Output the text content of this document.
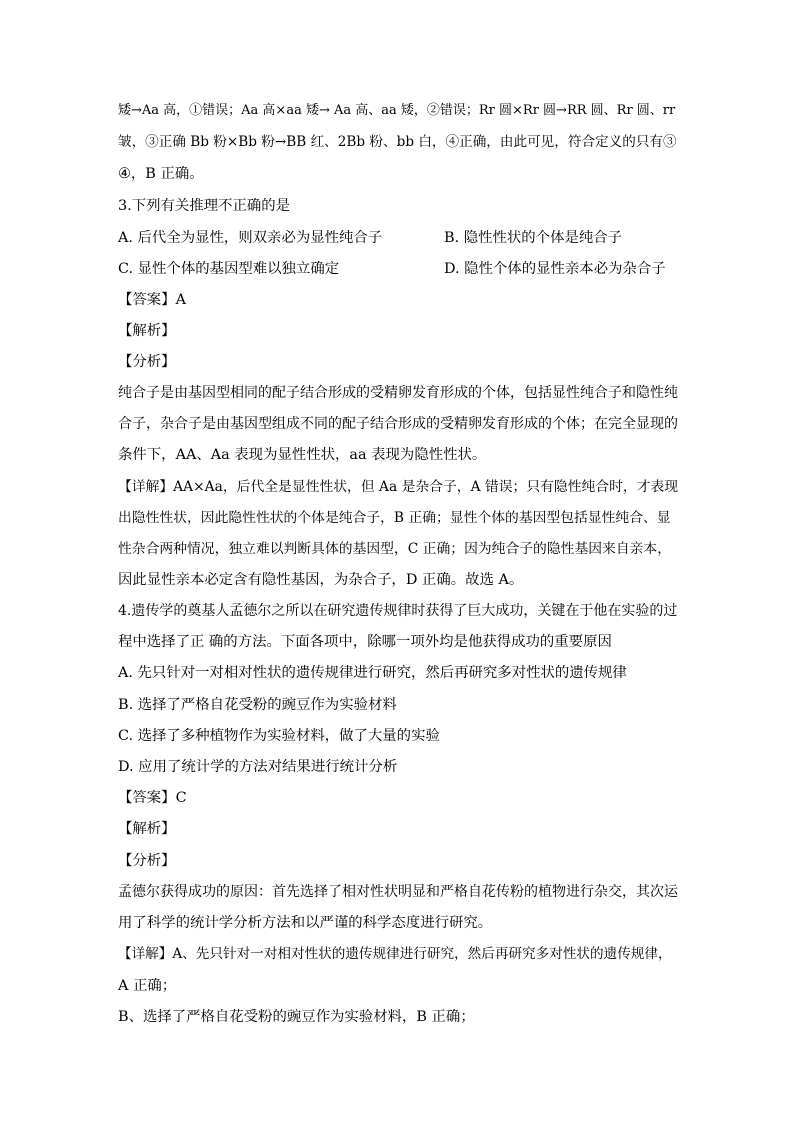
矮→Aa 高，①错误；Aa 高×aa 矮→ Aa 高、aa 矮，②错误；Rr 圆×Rr 圆→RR 圆、Rr 圆、rr
皱，③正确 Bb 粉×Bb 粉→BB 红、2Bb 粉、bb 白，④正确，由此可见，符合定义的只有③
④，B 正确。
3.下列有关推理不正确的是
A. 后代全为显性，则双亲必为显性纯合子	B. 隐性性状的个体是纯合子
C. 显性个体的基因型难以独立确定	D. 隐性个体的显性亲本必为杂合子
【答案】A
【解析】
【分析】
纯合子是由基因型相同的配子结合形成的受精卵发育形成的个体，包括显性纯合子和隐性纯
合子，杂合子是由基因型组成不同的配子结合形成的受精卵发育形成的个体；在完全显现的
条件下，AA、Aa 表现为显性性状，aa 表现为隐性性状。
【详解】AA×Aa，后代全是显性性状，但 Aa 是杂合子，A 错误；只有隐性纯合时，才表现
出隐性性状，因此隐性性状的个体是纯合子，B 正确；显性个体的基因型包括显性纯合、显
性杂合两种情况，独立难以判断具体的基因型，C 正确；因为纯合子的隐性基因来自亲本，
因此显性亲本必定含有隐性基因，为杂合子，D 正确。故选 A。
4.遗传学的奠基人孟德尔之所以在研究遗传规律时获得了巨大成功，关键在于他在实验的过
程中选择了正 确的方法。下面各项中，除哪一项外均是他获得成功的重要原因
A. 先只针对一对相对性状的遗传规律进行研究，然后再研究多对性状的遗传规律
B. 选择了严格自花受粉的豌豆作为实验材料
C. 选择了多种植物作为实验材料，做了大量的实验
D. 应用了统计学的方法对结果进行统计分析
【答案】C
【解析】
【分析】
孟德尔获得成功的原因：首先选择了相对性状明显和严格自花传粉的植物进行杂交，其次运
用了科学的统计学分析方法和以严谨的科学态度进行研究。
【详解】A、先只针对一对相对性状的遗传规律进行研究，然后再研究多对性状的遗传规律，
A 正确；
B、选择了严格自花受粉的豌豆作为实验材料，B 正确；
